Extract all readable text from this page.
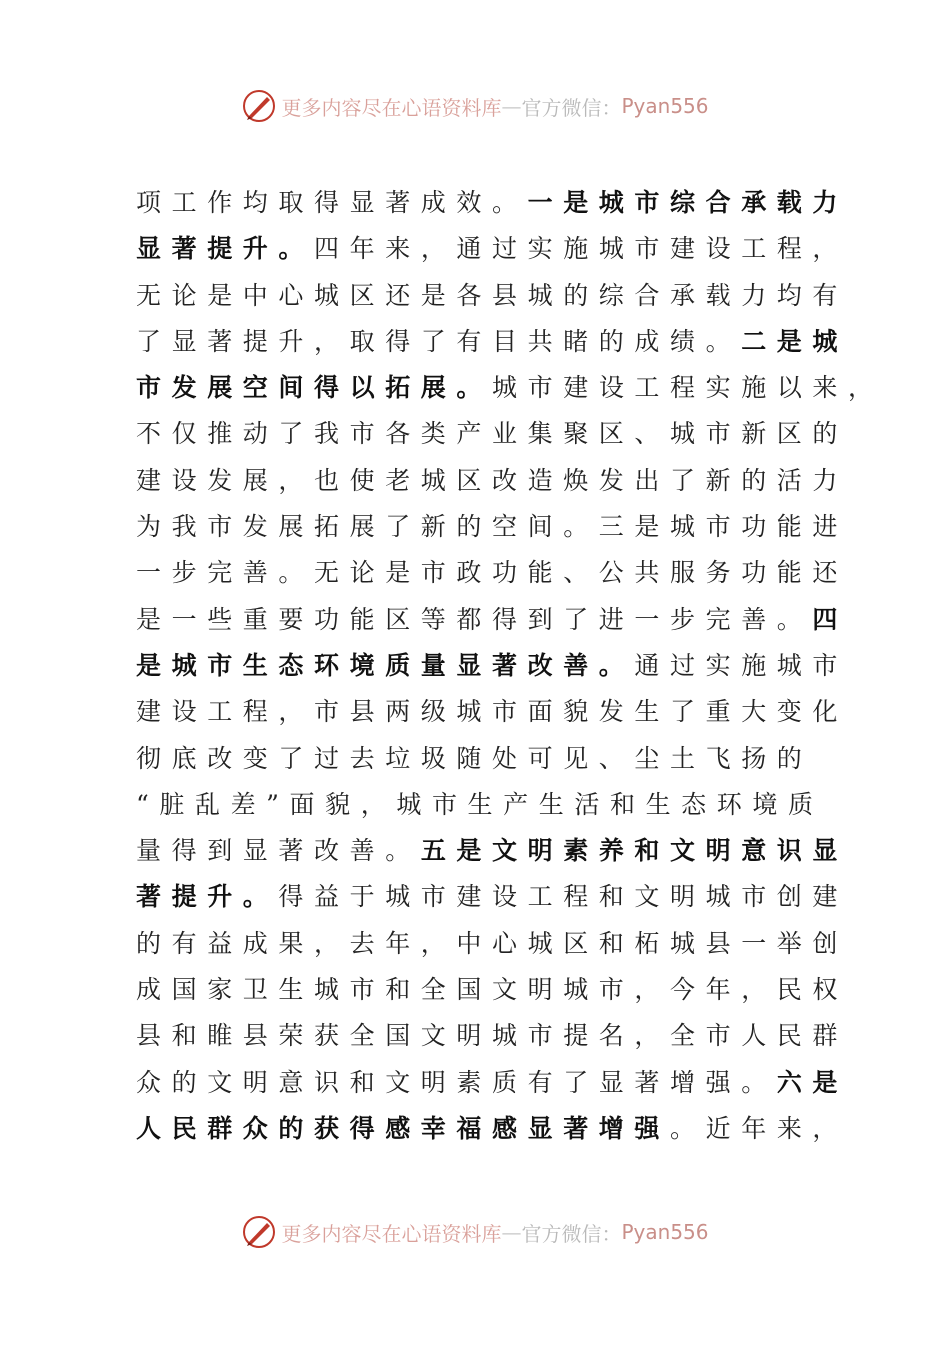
更多内容尽在心语资料库 — 官方微信： Pyan556
项工作均取得显著成效。一是城市综合承载力
显著提升。四年来，通过实施城市建设工程，
无论是中心城区还是各县城的综合承载力均有
了显著提升，取得了有目共睹的成绩。二是城
市发展空间得以拓展。城市建设工程实施以来，
不仅推动了我市各类产业集聚区、城市新区的
建设发展，也使老城区改造焕发出了新的活力
为我市发展拓展了新的空间。三是城市功能进
一步完善。无论是市政功能、公共服务功能还
是一些重要功能区等都得到了进一步完善。四
是城市生态环境质量显著改善。通过实施城市
建设工程，市县两级城市面貌发生了重大变化
彻底改变了过去垃圾随处可见、尘土飞扬的
“脏乱差”面貌，城市生产生活和生态环境质
量得到显著改善。五是文明素养和文明意识显
著提升。得益于城市建设工程和文明城市创建
的有益成果，去年，中心城区和柘城县一举创
成国家卫生城市和全国文明城市，今年，民权
县和睢县荣获全国文明城市提名，全市人民群
众的文明意识和文明素质有了显著增强。六是
人民群众的获得感幸福感显著增强。近年来，
更多内容尽在心语资料库 — 官方微信： Pyan556
